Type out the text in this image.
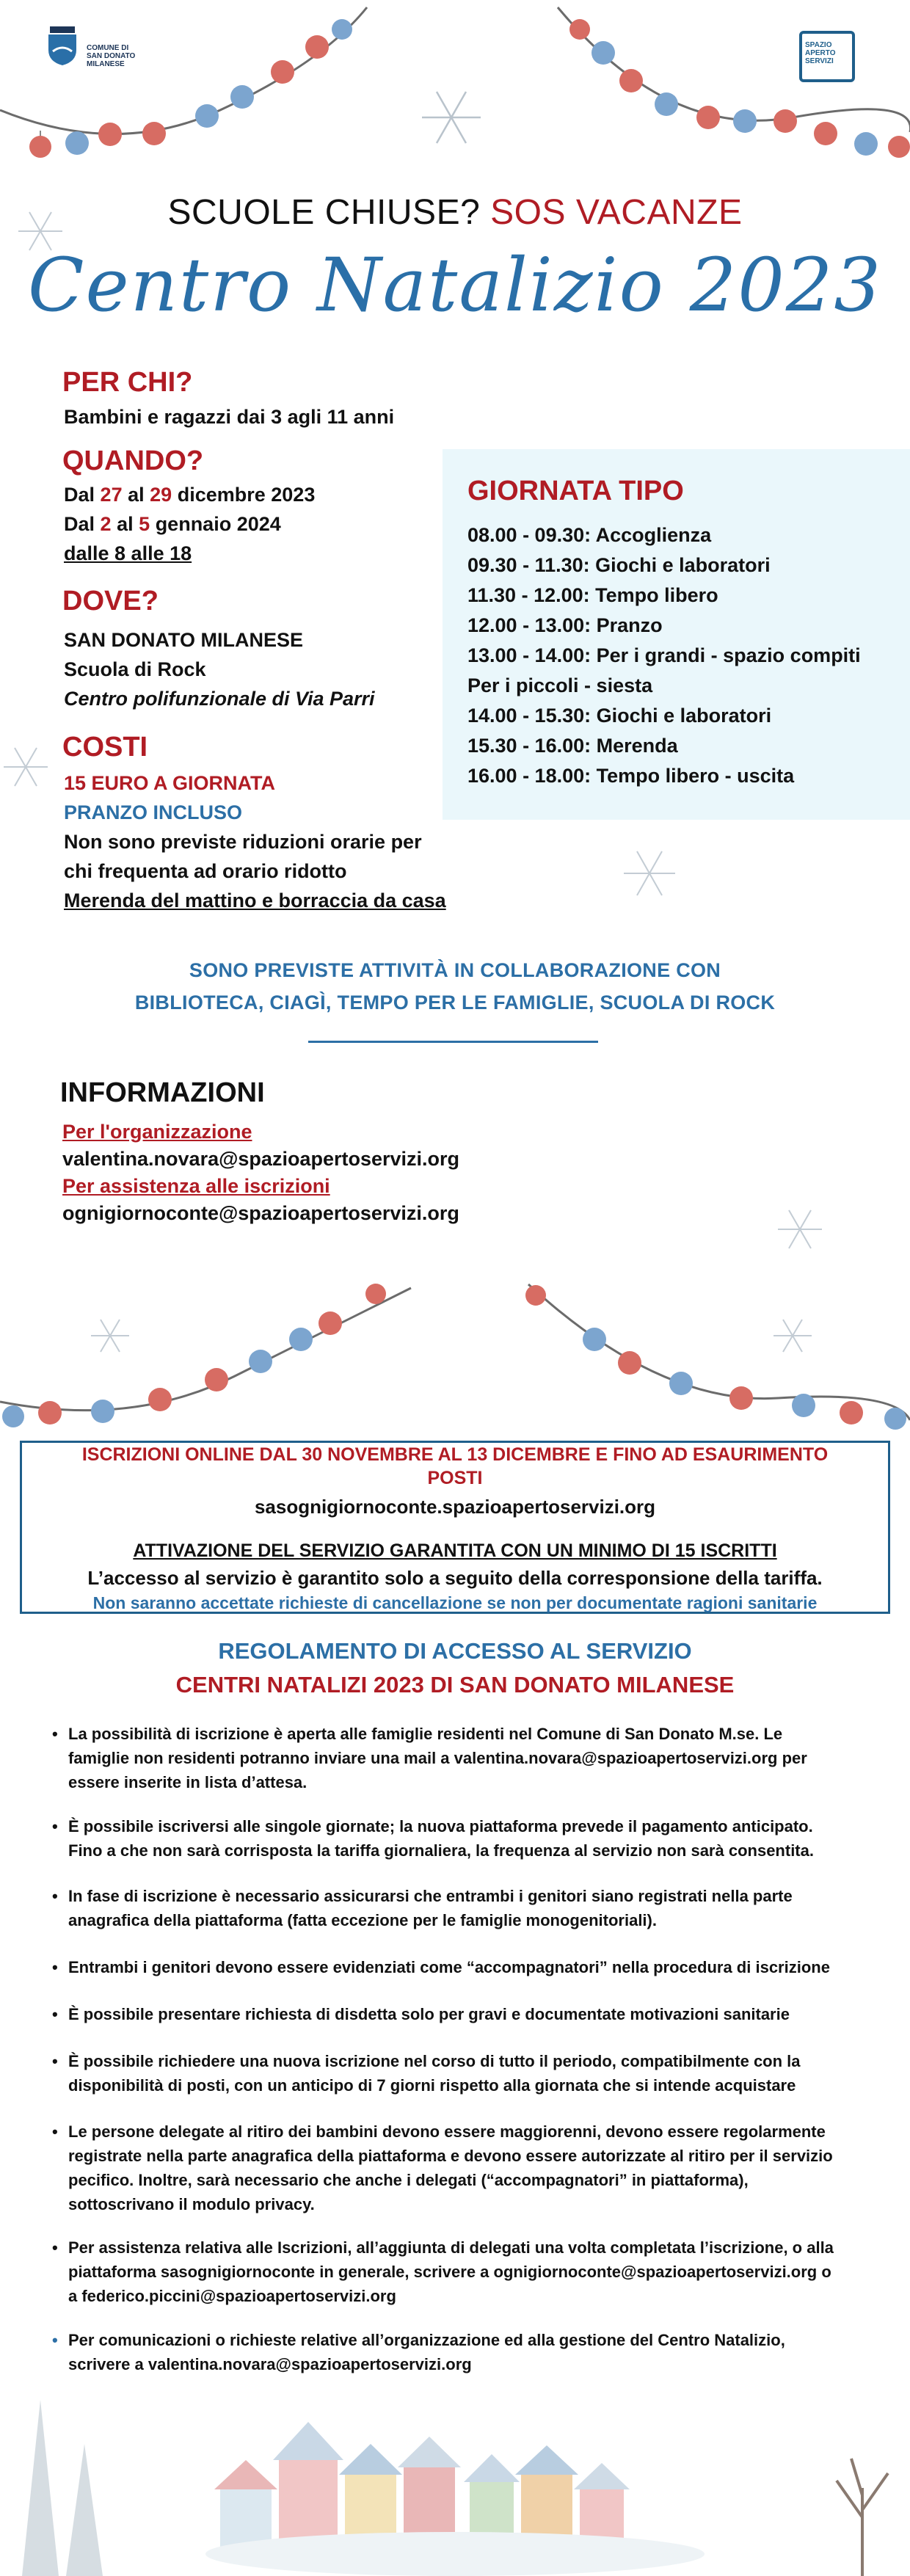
COMUNE DI
SAN DONATO
MILANESE
SPAZIO
APERTO
SERVIZI
SCUOLE CHIUSE? SOS VACANZE
Centro Natalizio 2023
PER CHI?
Bambini e ragazzi dai 3 agli 11 anni
QUANDO?
Dal 27 al 29 dicembre 2023
Dal 2 al 5 gennaio 2024
dalle 8 alle 18
DOVE?
SAN DONATO MILANESE
Scuola di Rock
Centro polifunzionale di Via Parri
COSTI
15 EURO A GIORNATA
PRANZO INCLUSO
Non sono previste riduzioni orarie per
chi frequenta ad orario ridotto
Merenda del mattino e borraccia da casa
GIORNATA TIPO
08.00 - 09.30: Accoglienza
09.30 - 11.30: Giochi e laboratori
11.30 - 12.00: Tempo libero
12.00 - 13.00: Pranzo
13.00 - 14.00: Per i grandi - spazio compiti
Per i piccoli - siesta
14.00 - 15.30: Giochi e laboratori
15.30 - 16.00: Merenda
16.00 - 18.00: Tempo libero - uscita
SONO PREVISTE ATTIVITÀ IN COLLABORAZIONE CON
BIBLIOTECA, CIAGÌ, TEMPO PER LE FAMIGLIE, SCUOLA DI ROCK
INFORMAZIONI
Per l'organizzazione
valentina.novara@spazioapertoservizi.org
Per assistenza alle iscrizioni
ognigiornoconte@spazioapertoservizi.org
ISCRIZIONI ONLINE DAL 30 NOVEMBRE AL 13 DICEMBRE E FINO AD ESAURIMENTO
POSTI
sasognigiornoconte.spazioapertoservizi.org
ATTIVAZIONE DEL SERVIZIO GARANTITA CON UN MINIMO DI 15 ISCRITTI
L’accesso al servizio è garantito solo a seguito della corresponsione della tariffa.
Non saranno accettate richieste di cancellazione se non per documentate ragioni sanitarie
REGOLAMENTO DI ACCESSO AL SERVIZIO
CENTRI NATALIZI 2023 DI SAN DONATO MILANESE
• La possibilità di iscrizione è aperta alle famiglie residenti nel Comune di San Donato M.se. Le
famiglie non residenti potranno inviare una mail a valentina.novara@spazioapertoservizi.org per
essere inserite in lista d’attesa.
• È possibile iscriversi alle singole giornate; la nuova piattaforma prevede il pagamento anticipato.
Fino a che non sarà corrisposta la tariffa giornaliera, la frequenza al servizio non sarà consentita.
• In fase di iscrizione è necessario assicurarsi che entrambi i genitori siano registrati nella parte
anagrafica della piattaforma (fatta eccezione per le famiglie monogenitoriali).
• Entrambi i genitori devono essere evidenziati come “accompagnatori” nella procedura di iscrizione
• È possibile presentare richiesta di disdetta solo per gravi e documentate motivazioni sanitarie
• È possibile richiedere una nuova iscrizione nel corso di tutto il periodo, compatibilmente con la
disponibilità di posti, con un anticipo di 7 giorni rispetto alla giornata che si intende acquistare
• Le persone delegate al ritiro dei bambini devono essere maggiorenni, devono essere regolarmente
registrate nella parte anagrafica della piattaforma e devono essere autorizzate al ritiro per il servizio
pecifico. Inoltre, sarà necessario che anche i delegati (“accompagnatori” in piattaforma),
sottoscrivano il modulo privacy.
• Per assistenza relativa alle Iscrizioni, all’aggiunta di delegati una volta completata l’iscrizione, o alla
piattaforma sasognigiornoconte in generale, scrivere a ognigiornoconte@spazioapertoservizi.org o
a federico.piccini@spazioapertoservizi.org
• Per comunicazioni o richieste relative all’organizzazione ed alla gestione del Centro Natalizio,
scrivere a valentina.novara@spazioapertoservizi.org
